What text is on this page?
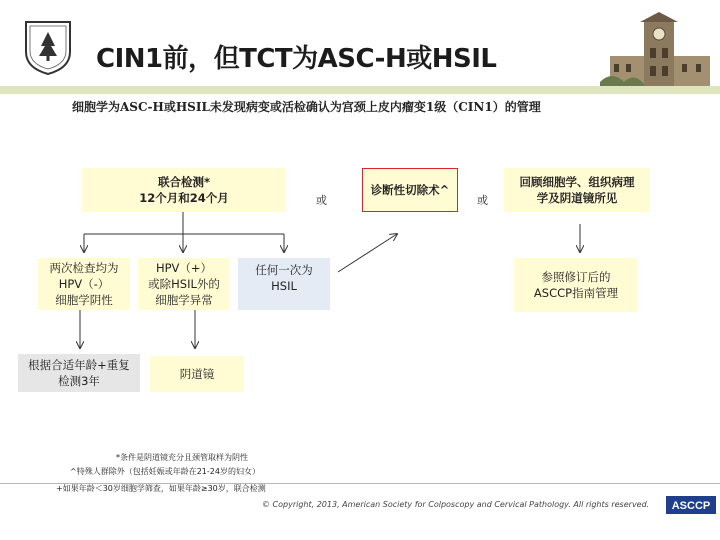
CIN1前，但TCT为ASC-H或HSIL
细胞学为ASC-H或HSIL未发现病变或活检确认为宫颈上皮内瘤变1级（CIN1）的管理
联合检测*
12个月和24个月	或
诊断性切除术^
或
回顾细胞学、组织病理
学及阴道镜所见
两次检查均为
HPV（-）
细胞学阴性
HPV（+）
或除HSIL外的
细胞学异常
任何一次为
HSIL
参照修订后的
ASCCP指南管理
根据合适年龄+重复
检测3年	阴道镜
*条件是阴道镜充分且颈管取样为阴性
^特殊人群除外（包括妊娠或年龄在21-24岁的妇女）
+如果年龄＜30岁细胞学筛查，如果年龄≥30岁，联合检测
© Copyright, 2013, American Society for Colposcopy and Cervical Pathology. All rights reserved. ASCCP
